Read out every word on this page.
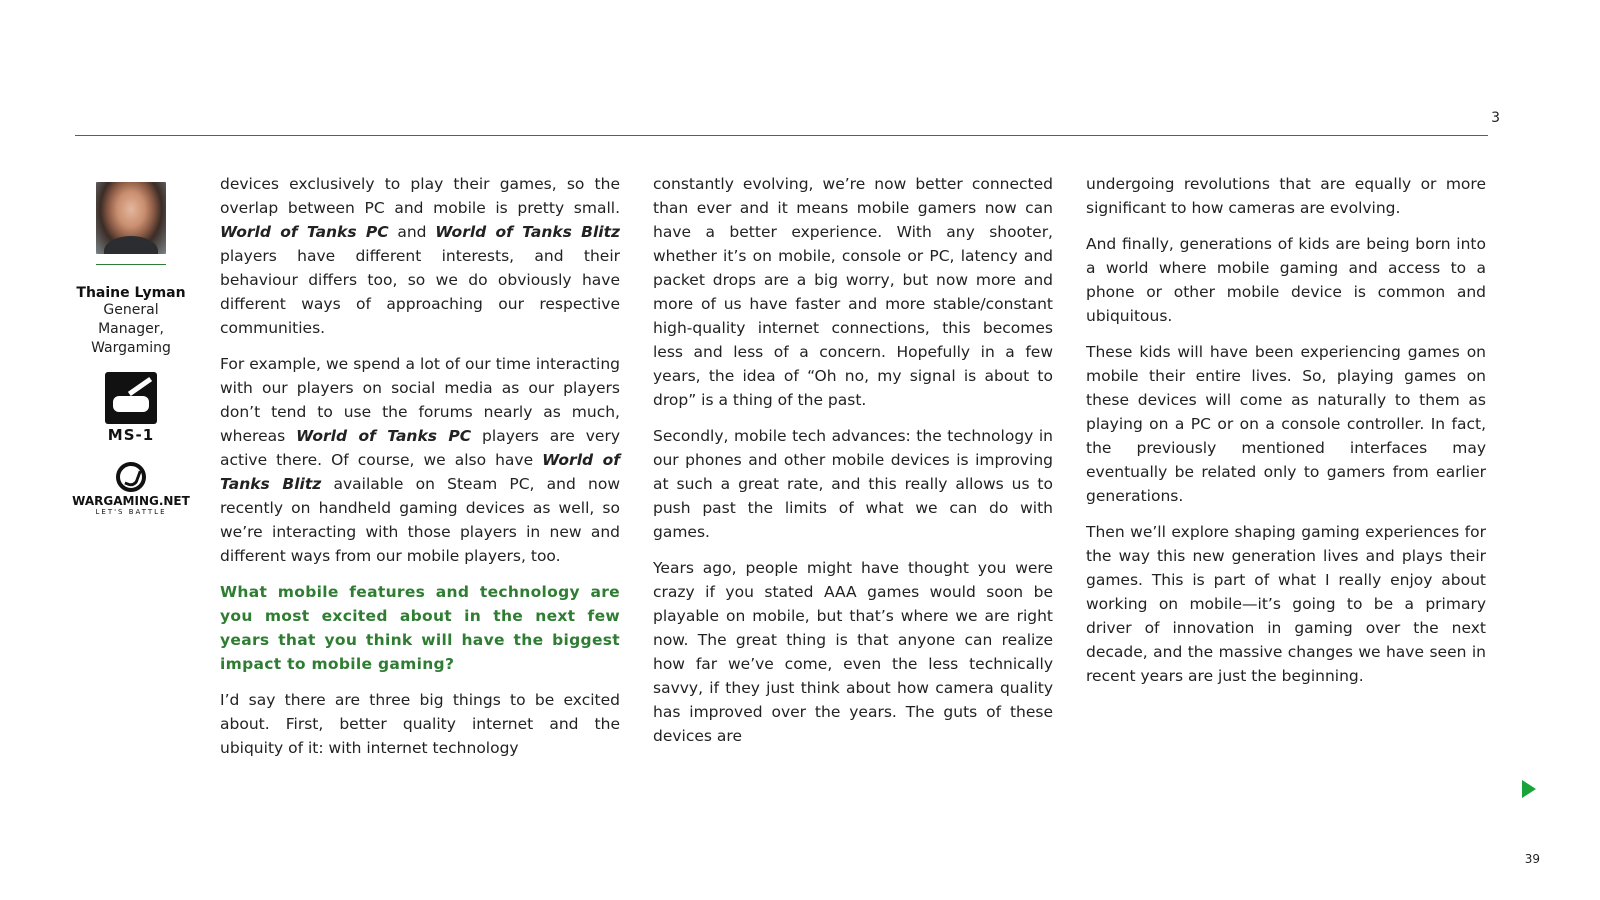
3
Thaine Lyman
General
Manager,
Wargaming
MS-1
WARGAMING.NET
LET'S BATTLE

devices exclusively to play their games, so the overlap between PC and mobile is pretty small. World of Tanks PC and World of Tanks Blitz players have different interests, and their behaviour differs too, so we do obviously have different ways of approaching our respective communities.

For example, we spend a lot of our time interacting with our players on social media as our players don’t tend to use the forums nearly as much, whereas World of Tanks PC players are very active there. Of course, we also have World of Tanks Blitz available on Steam PC, and now recently on handheld gaming devices as well, so we’re interacting with those players in new and different ways from our mobile players, too.

What mobile features and technology are you most excited about in the next few years that you think will have the biggest impact to mobile gaming?

I’d say there are three big things to be excited about. First, better quality internet and the ubiquity of it: with internet technology

constantly evolving, we’re now better connected than ever and it means mobile gamers now can have a better experience. With any shooter, whether it’s on mobile, console or PC, latency and packet drops are a big worry, but now more and more of us have faster and more stable/constant high-quality internet connections, this becomes less and less of a concern. Hopefully in a few years, the idea of “Oh no, my signal is about to drop” is a thing of the past.

Secondly, mobile tech advances: the technology in our phones and other mobile devices is improving at such a great rate, and this really allows us to push past the limits of what we can do with games.

Years ago, people might have thought you were crazy if you stated AAA games would soon be playable on mobile, but that’s where we are right now. The great thing is that anyone can realize how far we’ve come, even the less technically savvy, if they just think about how camera quality has improved over the years. The guts of these devices are

undergoing revolutions that are equally or more significant to how cameras are evolving.

And finally, generations of kids are being born into a world where mobile gaming and access to a phone or other mobile device is common and ubiquitous.

These kids will have been experiencing games on mobile their entire lives. So, playing games on these devices will come as naturally to them as playing on a PC or on a console controller. In fact, the previously mentioned interfaces may eventually be related only to gamers from earlier generations.

Then we’ll explore shaping gaming experiences for the way this new generation lives and plays their games. This is part of what I really enjoy about working on mobile—it’s going to be a primary driver of innovation in gaming over the next decade, and the massive changes we have seen in recent years are just the beginning.

39
